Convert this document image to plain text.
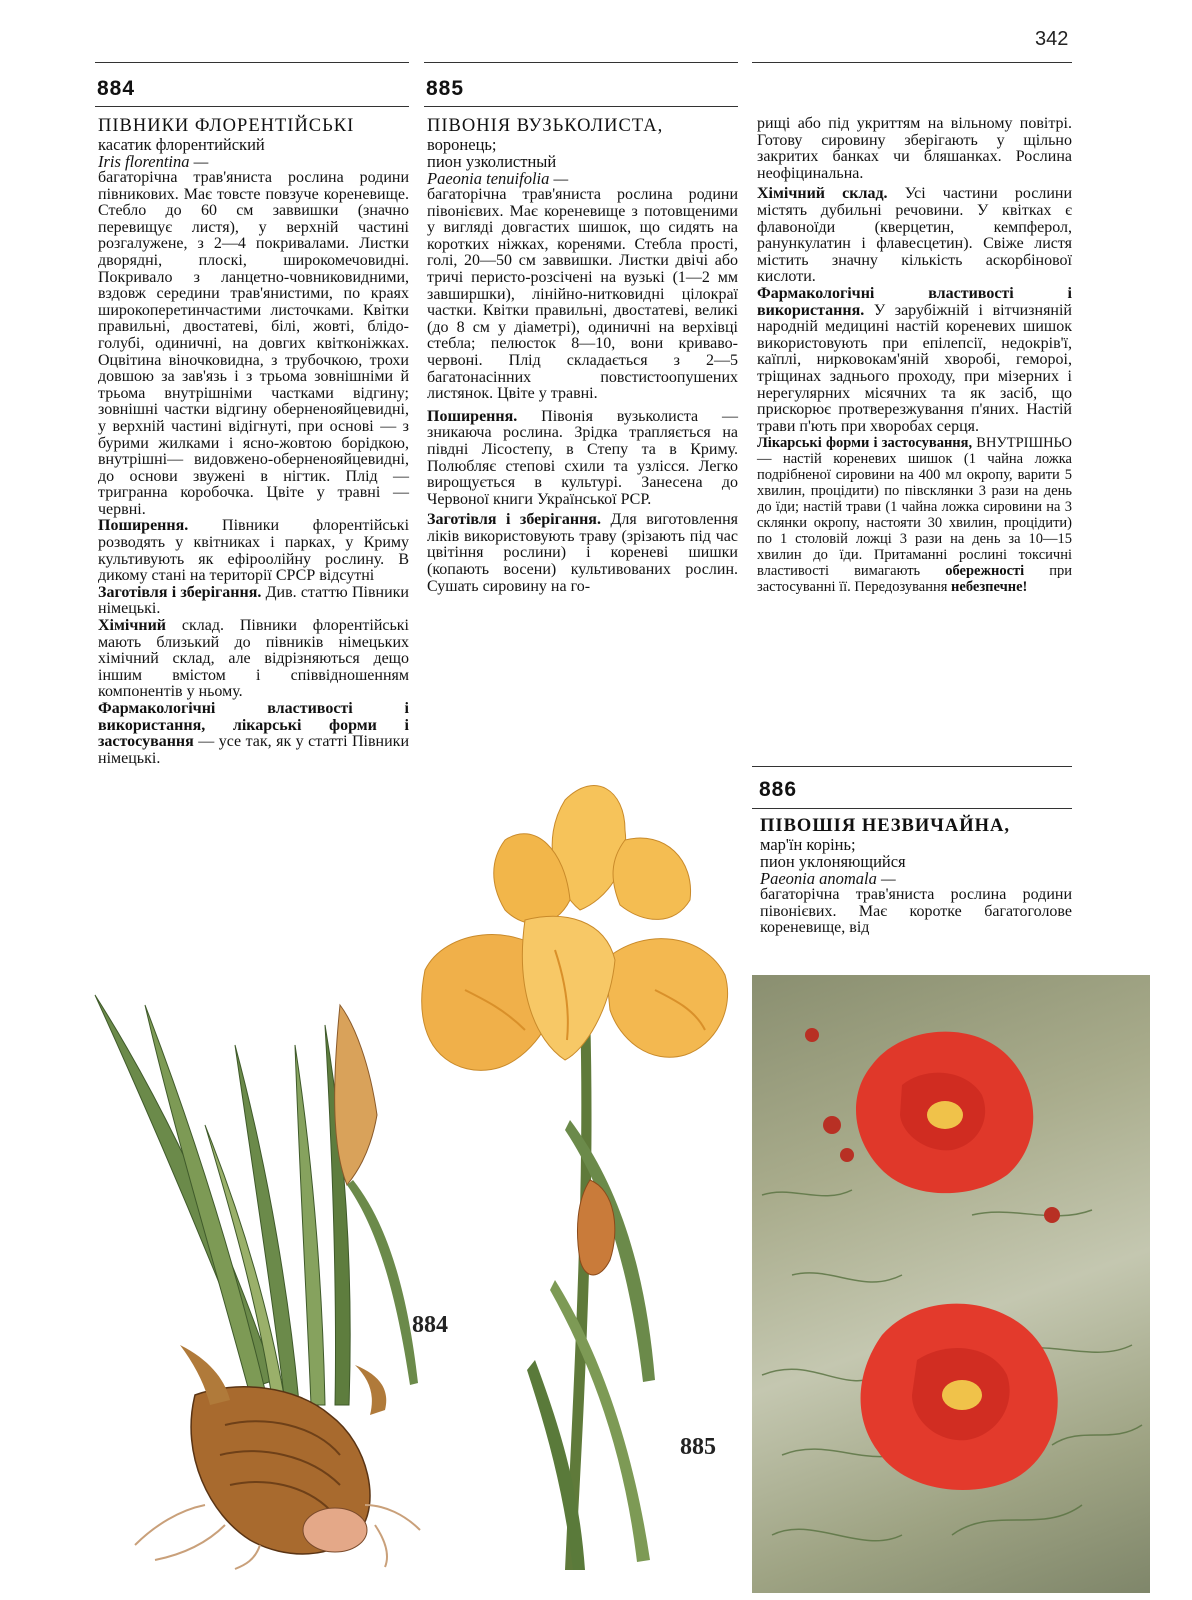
342
884	885

ПІВНИКИ ФЛОРЕНТІЙСЬКІ

касатик флорентийский

Iris florentina —

багаторічна трав'яниста рослина родини півникових. Має товсте повзуче кореневище. Стебло до 60 см заввишки (значно перевищує листя), у верхній частині розгалужене, з 2—4 покривалами. Листки дворядні, плоскі, широкомечовидні. Покривало з ланцетно-човниковидними, вздовж середини трав'янистими, по краях широкоперетинчастими листочками. Квітки правильні, двостатеві, білі, жовті, блідо-голубі, одиничні, на довгих квітконіжках. Оцвітина віночковидна, з трубочкою, трохи довшою за зав'язь і з трьома зовнішніми й трьома внутрішніми частками відгину; зовнішні частки відгину оберненояйцевидні, у верхній частині відігнуті, при основі — з бурими жилками і ясно-жовтою борідкою, внутрішні— видовжено-оберненояйцевидні, до основи звужені в нігтик. Плід — тригранна коробочка. Цвіте у травні — червні.

Поширення. Півники флорентійські розводять у квітниках і парках, у Криму культивують як ефіроолійну рослину. В дикому стані на території СРСР відсутні

Заготівля і зберігання. Див. статтю Півники німецькі.

Хімічний склад. Півники флорентійські мають близький до півників німецьких хімічний склад, але відрізняються дещо іншим вмістом і співвідношенням компонентів у ньому.

Фармакологічні властивості і використання, лікарські форми і застосування — усе так, як у статті Півники німецькі.

ПІВОНІЯ ВУЗЬКОЛИСТА,

воронець;

пион узколистный

Paeonia tenuifolia —

багаторічна трав'яниста рослина родини півонієвих. Має кореневище з потовщеними у вигляді довгастих шишок, що сидять на коротких ніжках, коренями. Стебла прості, голі, 20—50 см заввишки. Листки двічі або тричі перисто-розсічені на вузькі (1—2 мм завширшки), лінійно-нитковидні цілокраї частки. Квітки правильні, двостатеві, великі (до 8 см у діаметрі), одиничні на верхівці стебла; пелюсток 8—10, вони криваво-червоні. Плід складається з 2—5 багатонасінних повстистоопушених листянок. Цвіте у травні.

Поширення. Півонія вузьколиста — зникаюча рослина. Зрідка трапляється на півдні Лісостепу, в Степу та в Криму. Полюбляє степові схили та узлісся. Легко вирощується в культурі. Занесена до Червоної книги Української РСР.

Заготівля і зберігання. Для виготовлення ліків використовують траву (зрізають під час цвітіння рослини) і кореневі шишки (копають восени) культивованих рослин. Сушать сировину на го-

рищі або під укриттям на вільному повітрі. Готову сировину зберігають у щільно закритих банках чи бляшанках. Рослина неофіцинальна.

Хімічний склад. Усі частини рослини містять дубильні речовини. У квітках є флавоноїди (кверцетин, кемпферол, ранункулатин і флавесцетин). Свіже листя містить значну кількість аскорбінової кислоти.

Фармакологічні властивості і використання. У зарубіжній і вітчизняній народній медицині настій кореневих шишок використовують при епілепсії, недокрів'ї, каїплі, нирковокам'яній хворобі, гемороі, тріщинах заднього проходу, при мізерних і нерегулярних місячних та як засіб, що прискорює протверезжування п'яних. Настій трави п'ють при хворобах серця.

Лікарські форми і застосування, ВНУТРІШНЬО — настій кореневих шишок (1 чайна ложка подрібненої сировини на 400 мл окропу, варити 5 хвилин, процідити) по півсклянки 3 рази на день до їди; настій трави (1 чайна ложка сировини на 3 склянки окропу, настояти 30 хвилин, процідити) по 1 столовій ложці 3 рази на день за 10—15 хвилин до їди. Притаманні рослині токсичні властивості вимагають обережності при застосуванні її. Передозування небезпечне!

886

ПІВОШІЯ НЕЗВИЧАЙНА,

мар'їн корінь;

пион уклоняющийся

Paeonia anomala —

багаторічна трав'яниста рослина родини півонієвих. Має коротке багатоголове кореневище, від

884
885
